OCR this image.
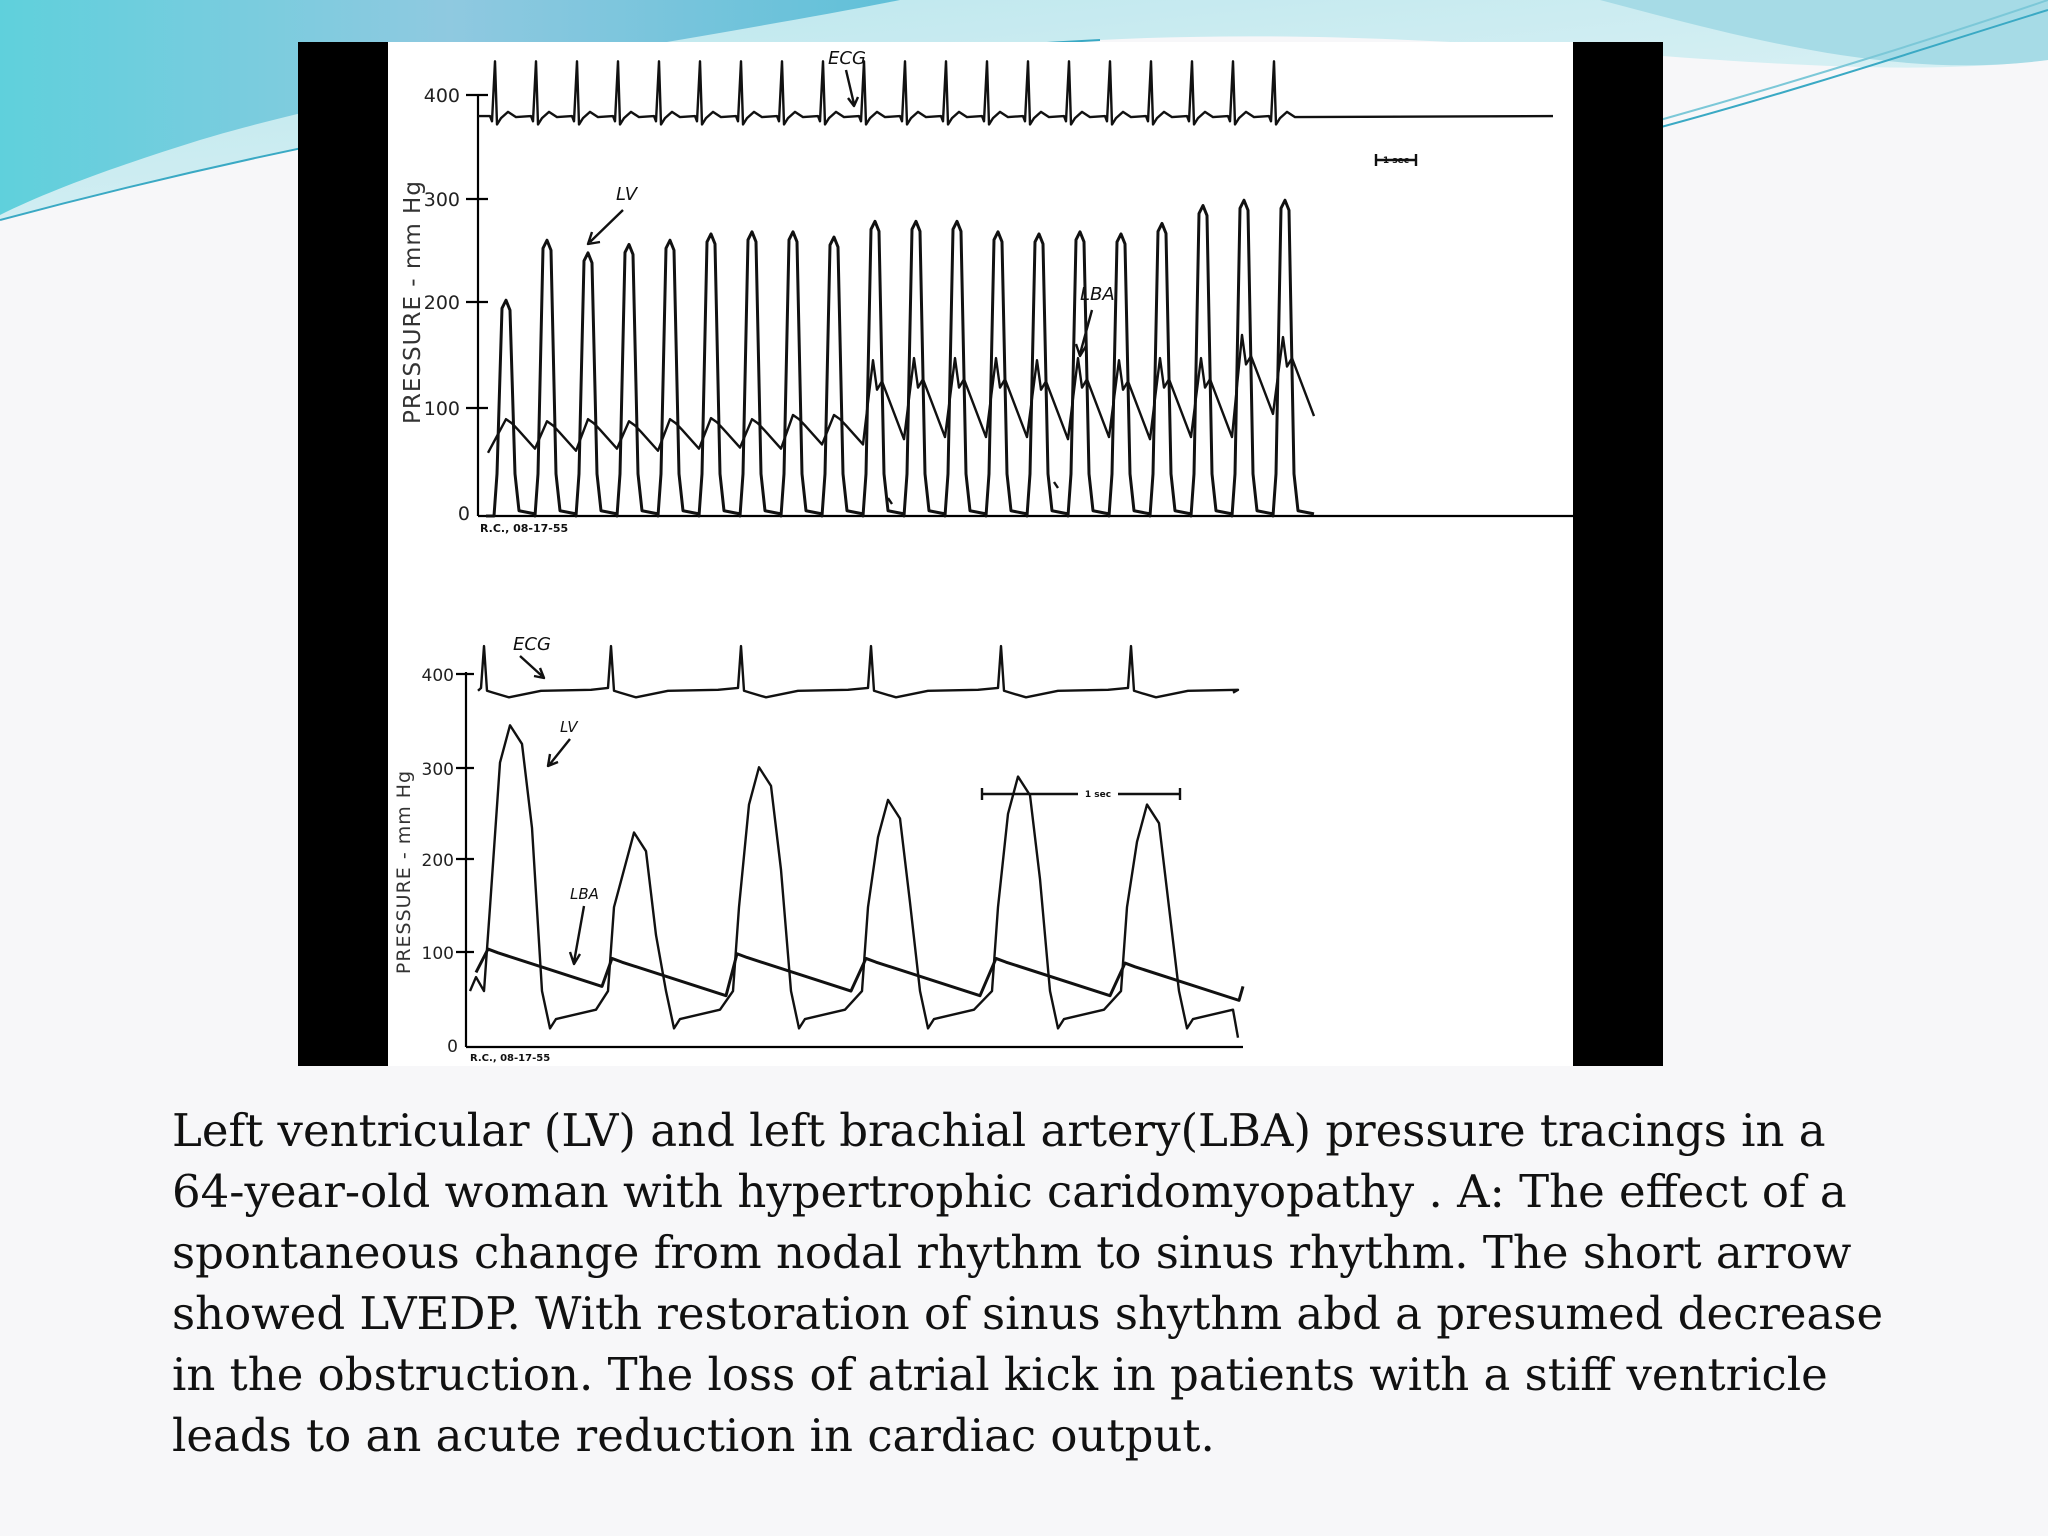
400
300
200
100
0
PRESSURE - mm Hg
ECG
LV
LBA
R.C., 08-17-55
1 sec
400
300
200
100
0
PRESSURE - mm Hg
ECG
LV
LBA
R.C., 08-17-55
1 sec
Left ventricular (LV) and left brachial artery(LBA) pressure tracings in a 64-year-old woman with hypertrophic caridomyopathy . A: The effect of a spontaneous change from nodal rhythm to sinus rhythm. The short arrow showed LVEDP. With restoration of sinus shythm abd a presumed decrease in the obstruction. The loss of atrial kick in patients with a stiff ventricle leads to an acute reduction in cardiac output.
